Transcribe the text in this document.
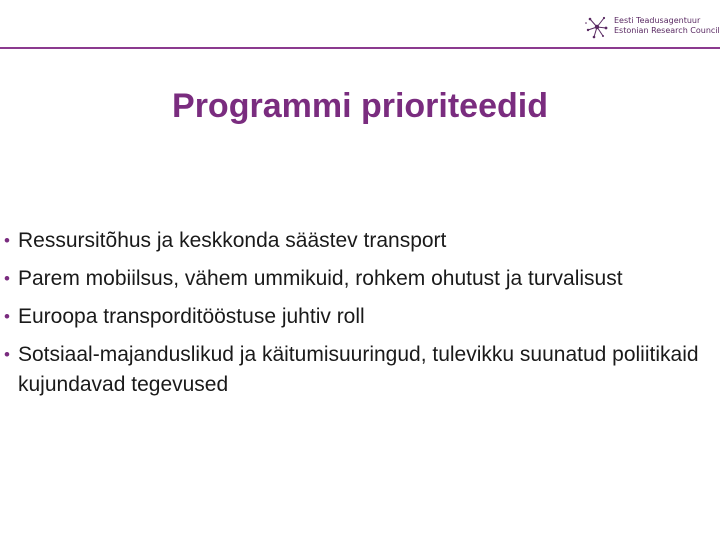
Eesti Teadusagentuur
Estonian Research Council
Programmi prioriteedid
• Ressursitõhus ja keskkonda säästev transport
• Parem mobiilsus, vähem ummikuid, rohkem ohutust ja turvalisust
• Euroopa transporditööstuse juhtiv roll
• Sotsiaal-majanduslikud ja käitumisuuringud, tulevikku suunatud poliitikaid kujundavad tegevused
